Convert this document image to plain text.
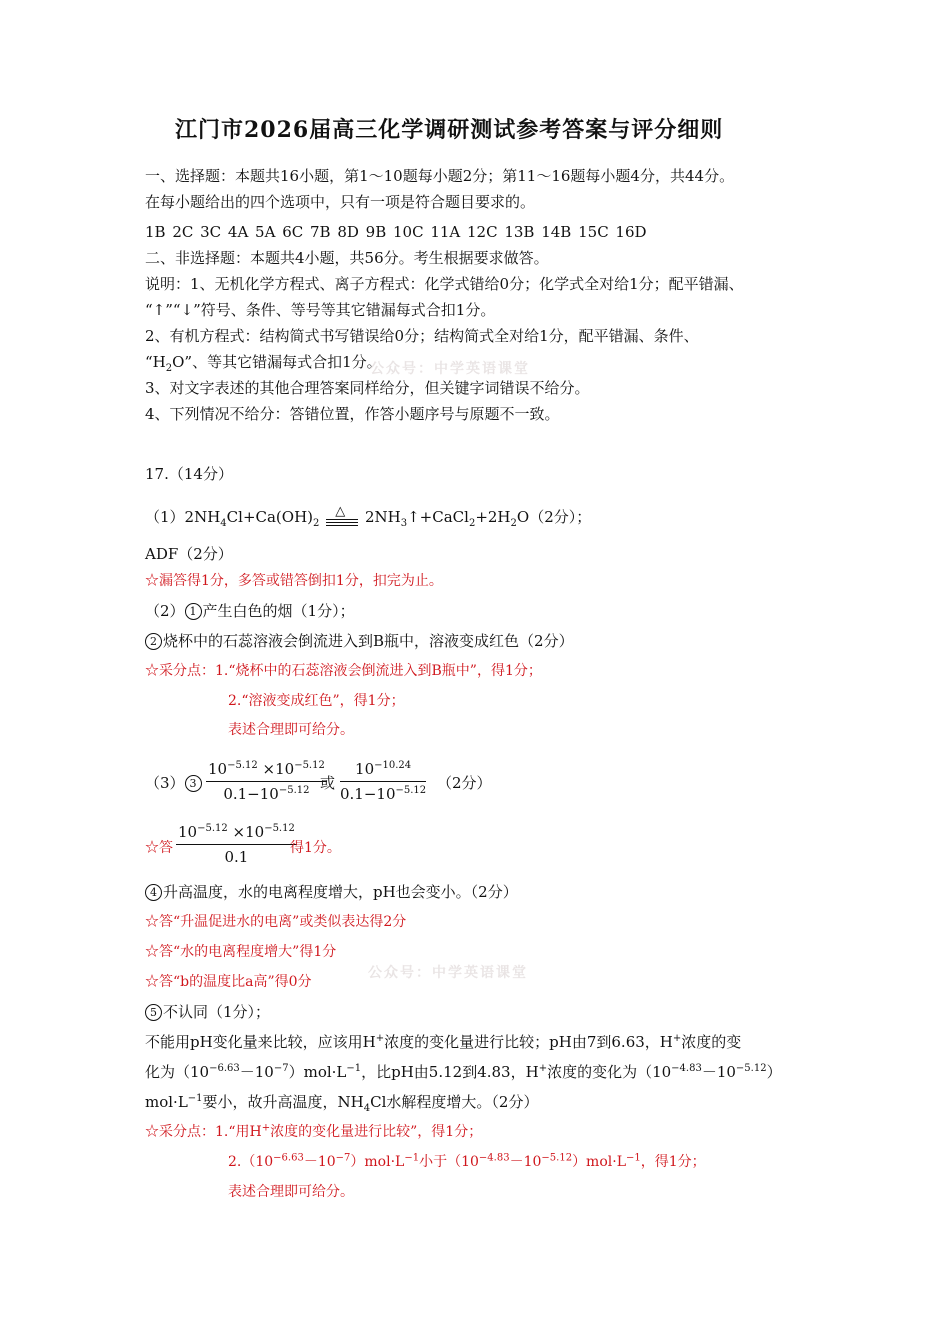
江门市2026届高三化学调研测试参考答案与评分细则
一、选择题：本题共16小题，第1～10题每小题2分；第11～16题每小题4分，共44分。
在每小题给出的四个选项中，只有一项是符合题目要求的。
1B 2C 3C 4A 5A 6C 7B 8D 9B 10C 11A 12C 13B 14B 15C 16D
二、非选择题：本题共4小题，共56分。考生根据要求做答。
说明：1、无机化学方程式、离子方程式：化学式错给0分；化学式全对给1分；配平错漏、
“↑”“↓”符号、条件、等号等其它错漏每式合扣1分。
2、有机方程式：结构简式书写错误给0分；结构简式全对给1分，配平错漏、条件、
“$H_2O$”、等其它错漏每式合扣1分。
公众号：中学英语课堂
3、对文字表述的其他合理答案同样给分，但关键字词错误不给分。
4、下列情况不给分：答错位置，作答小题序号与原题不一致。
17.（14分）
$(1)2NH_4Cl+Ca(OH)_2$
△ $2NH_3↑+CaCl_2+2H_2O(2$分）；
ADF（2分）
☆漏答得1分，多答或错答倒扣1分，扣完为止。
（2） 1 产生白色的烟（1分）；
2 烧杯中的石蕊溶液会倒流进入到B瓶中，溶液变成红色（2分）
☆采分点：1.“烧杯中的石蕊溶液会倒流进入到B瓶中”，得1分；
2.“溶液变成红色”，得1分；
表述合理即可给分。
（3） $3 \frac{10^{-5.12} \times 10^{-5.12}}{0.1-10^{-5.12}}$
或 $\frac{10^{-10.24}}{0.1-10^{-5.12}} (2$分）
☆答 $\frac{10^{-5.12} \times 10^{-5.12}}{0.1}$
得1分。
4 升高温度，水的电离程度增大，pH也会变小。（2分）
☆答“升温促进水的电离”或类似表达得2分
☆答“水的电离程度增大”得1分
☆答“b的温度比a高”得0分
公众号：中学英语课堂
5 不认同（1分）；
不能用pH变化量来比较，应该用H+浓度的变化量进行比较；pH由7到6.63，H+浓度的变
化为$(10^{-6.63}-10^{-7})mol\cdot L^{-1}$，比pH由5.12到4.83，H+浓度的变化为$(10^{-4.83}-10^{-5.12})$
$mol\cdot L^{-1}$要小，故升高温度，$NH_4Cl$水解程度增大。（2分）
☆采分点：1.“用H+浓度的变化量进行比较”，得1分；
$2.(10^{-6.63}-10^{-7})mol\cdot L^{-1}$小于$(10^{-4.83}-10^{-5.12})mol\cdot L^{-1}$，得1分；
表述合理即可给分。
